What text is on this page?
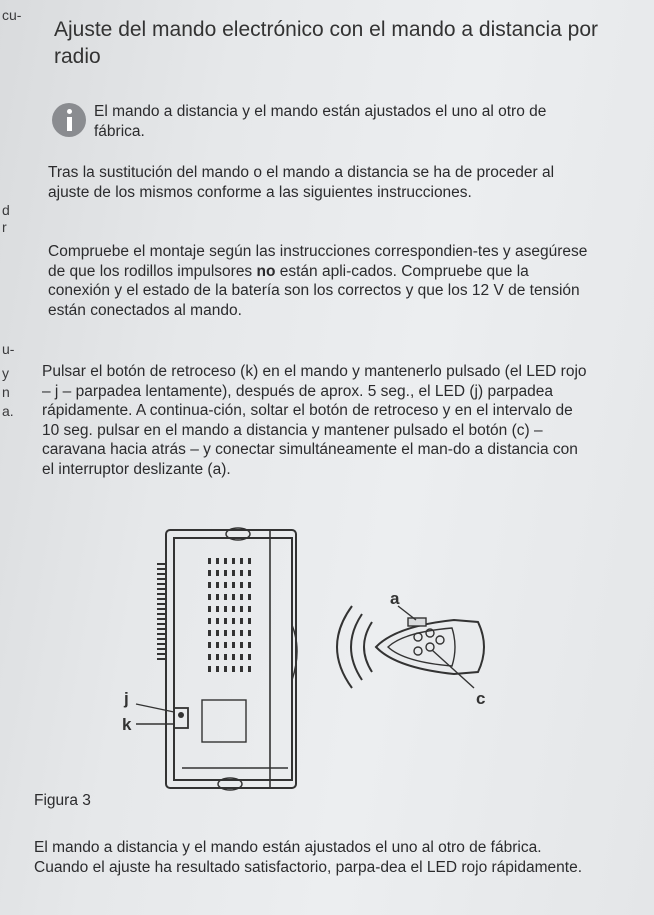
cu-
d
r
u-
y
n
a.
Ajuste del mando electrónico con el mando a distancia por radio
El mando a distancia y el mando están ajustados el uno al otro de fábrica.

Tras la sustitución del mando o el mando a distancia se ha de proceder al ajuste de los mismos conforme a las siguientes instrucciones.

Compruebe el montaje según las instrucciones correspondien-tes y asegúrese de que los rodillos impulsores no están apli-cados. Compruebe que la conexión y el estado de la batería son los correctos y que los 12 V de tensión están conectados al mando.

Pulsar el botón de retroceso (k) en el mando y mantenerlo pulsado (el LED rojo – j – parpadea lentamente), después de aprox. 5 seg., el LED (j) parpadea rápidamente. A continua-ción, soltar el botón de retroceso y en el intervalo de 10 seg. pulsar en el mando a distancia y mantener pulsado el botón (c) – caravana hacia atrás – y conectar simultáneamente el man-do a distancia con el interruptor deslizante (a).

j
k
a
c
Figura 3

El mando a distancia y el mando están ajustados el uno al otro de fábrica. Cuando el ajuste ha resultado satisfactorio, parpa-dea el LED rojo rápidamente.
